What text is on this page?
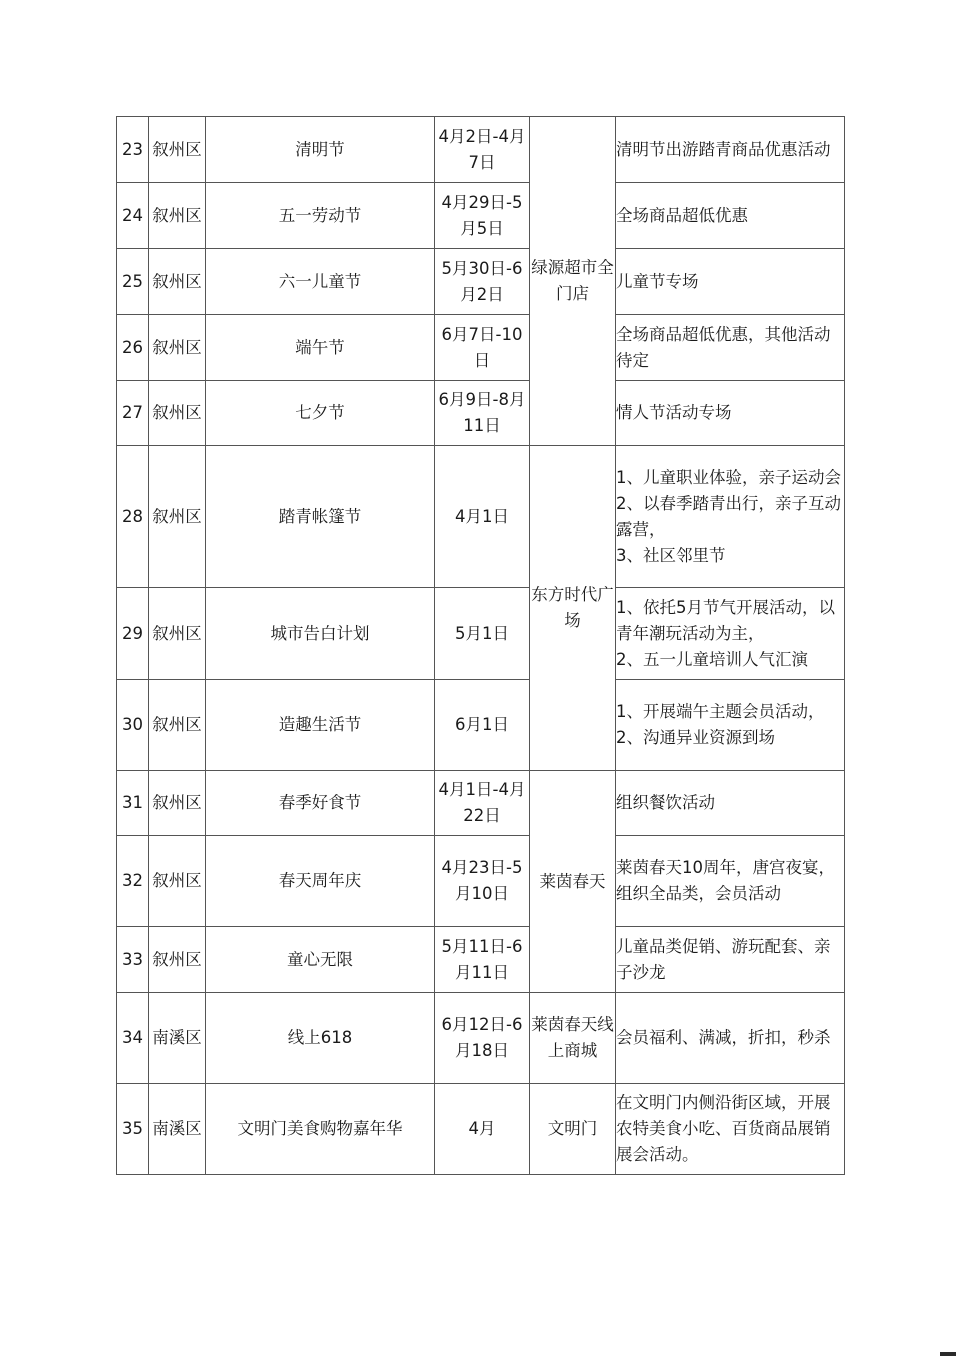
23	叙州区	清明节	4月2日-4月7日	绿源超市全门店	清明节出游踏青商品优惠活动

24	叙州区	五一劳动节	4月29日-5月5日		全场商品超低优惠

25	叙州区	六一儿童节	5月30日-6月2日		儿童节专场

26	叙州区	端午节	6月7日-10日		全场商品超低优惠，其他活动待定

27	叙州区	七夕节	6月9日-8月11日		情人节活动专场

28	叙州区	踏青帐篷节	4月1日	东方时代广场	1、儿童职业体验，亲子运动会
2、以春季踏青出行，亲子互动露营，
3、社区邻里节

29	叙州区	城市告白计划	5月1日		1、依托5月节气开展活动，以青年潮玩活动为主，
2、五一儿童培训人气汇演

30	叙州区	造趣生活节	6月1日		1、开展端午主题会员活动，
2、沟通异业资源到场

31	叙州区	春季好食节	4月1日-4月22日	莱茵春天	组织餐饮活动

32	叙州区	春天周年庆	4月23日-5月10日		莱茵春天10周年，唐宫夜宴，组织全品类，会员活动

33	叙州区	童心无限	5月11日-6月11日		儿童品类促销、游玩配套、亲子沙龙

34	南溪区	线上618	6月12日-6月18日	莱茵春天线上商城	会员福利、满减，折扣，秒杀

35	南溪区	文明门美食购物嘉年华	4月	文明门	在文明门内侧沿街区域，开展农特美食小吃、百货商品展销展会活动。
